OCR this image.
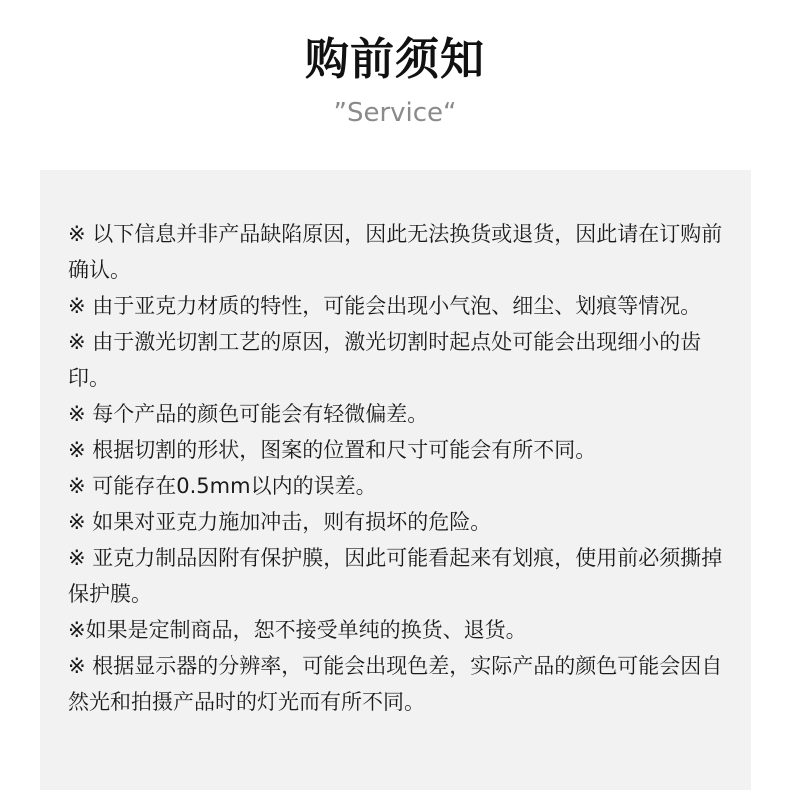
购前须知
”Service“
※ 以下信息并非产品缺陷原因，因此无法换货或退货，因此请在订购前确认。
※ 由于亚克力材质的特性，可能会出现小气泡、细尘、划痕等情况。
※ 由于激光切割工艺的原因，激光切割时起点处可能会出现细小的齿印。
※ 每个产品的颜色可能会有轻微偏差。
※ 根据切割的形状，图案的位置和尺寸可能会有所不同。
※ 可能存在0.5mm以内的误差。
※ 如果对亚克力施加冲击，则有损坏的危险。
※ 亚克力制品因附有保护膜，因此可能看起来有划痕，使用前必须撕掉保护膜。
※如果是定制商品，恕不接受单纯的换货、退货。
※ 根据显示器的分辨率，可能会出现色差，实际产品的颜色可能会因自然光和拍摄产品时的灯光而有所不同。
